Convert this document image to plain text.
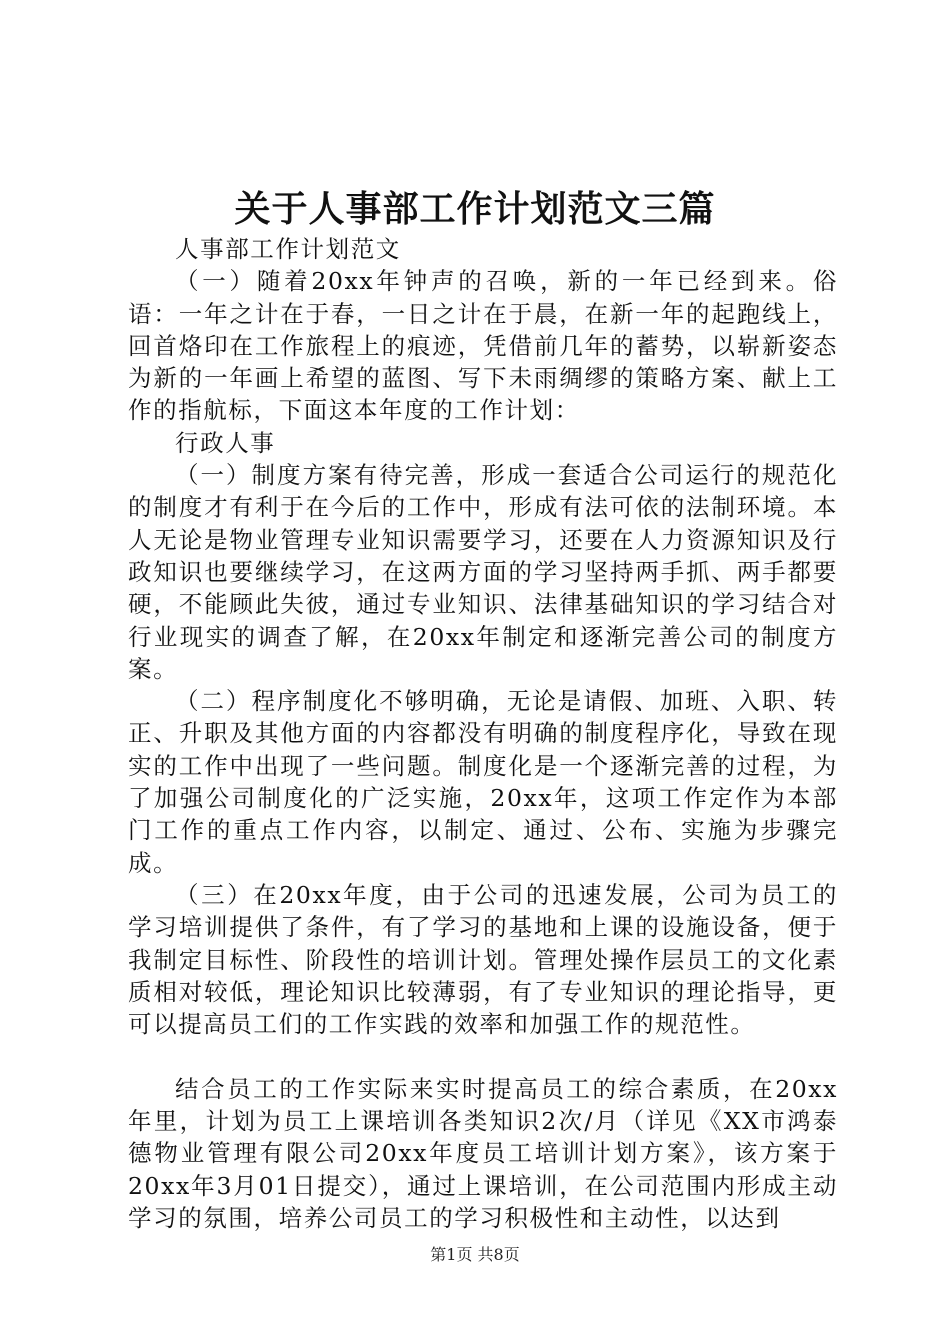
关于人事部工作计划范文三篇

人事部工作计划范文

（一）随着20xx年钟声的召唤，新的一年已经到来。俗语：一年之计在于春，一日之计在于晨，在新一年的起跑线上，回首烙印在工作旅程上的痕迹，凭借前几年的蓄势，以崭新姿态为新的一年画上希望的蓝图、写下未雨绸缪的策略方案、献上工作的指航标，下面这本年度的工作计划：

行政人事

（一）制度方案有待完善，形成一套适合公司运行的规范化的制度才有利于在今后的工作中，形成有法可依的法制环境。本人无论是物业管理专业知识需要学习，还要在人力资源知识及行政知识也要继续学习，在这两方面的学习坚持两手抓、两手都要硬，不能顾此失彼，通过专业知识、法律基础知识的学习结合对行业现实的调查了解，在20xx年制定和逐渐完善公司的制度方案。

（二）程序制度化不够明确，无论是请假、加班、入职、转正、升职及其他方面的内容都没有明确的制度程序化，导致在现实的工作中出现了一些问题。制度化是一个逐渐完善的过程，为了加强公司制度化的广泛实施，20xx年，这项工作定作为本部门工作的重点工作内容，以制定、通过、公布、实施为步骤完成。

（三）在20xx年度，由于公司的迅速发展，公司为员工的学习培训提供了条件，有了学习的基地和上课的设施设备，便于我制定目标性、阶段性的培训计划。管理处操作层员工的文化素质相对较低，理论知识比较薄弱，有了专业知识的理论指导，更可以提高员工们的工作实践的效率和加强工作的规范性。

结合员工的工作实际来实时提高员工的综合素质，在20xx年里，计划为员工上课培训各类知识2次/月（详见《XX市鸿泰德物业管理有限公司20xx年度员工培训计划方案》，该方案于20xx年3月01日提交），通过上课培训，在公司范围内形成主动学习的氛围，培养公司员工的学习积极性和主动性，以达到

第1页 共8页
